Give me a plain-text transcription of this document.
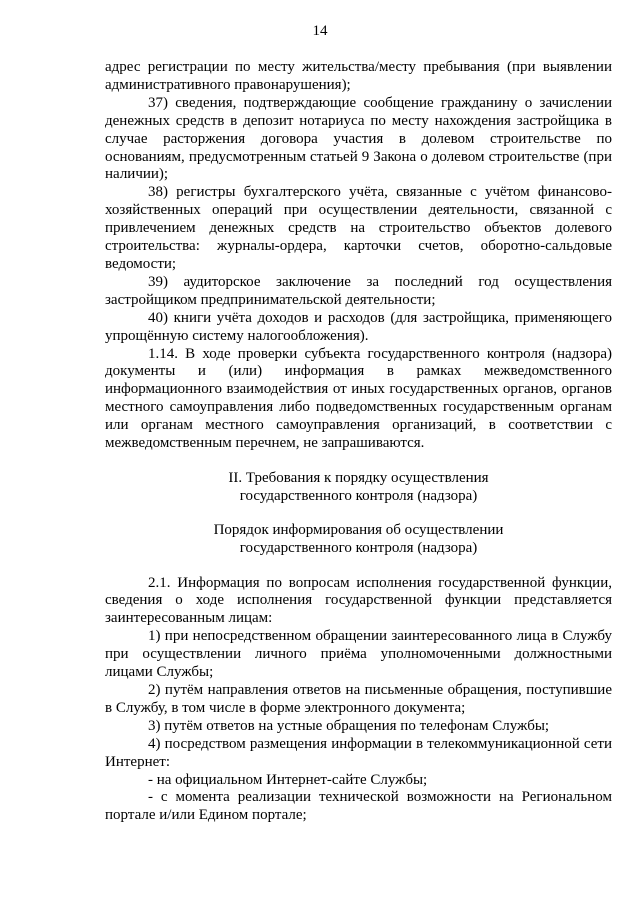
14

адрес регистрации по месту жительства/месту пребывания (при выявлении административного правонарушения);

37) сведения, подтверждающие сообщение гражданину о зачислении денежных средств в депозит нотариуса по месту нахождения застройщика в случае расторжения договора участия в долевом строительстве по основаниям, предусмотренным статьей 9 Закона о долевом строительстве (при наличии);

38) регистры бухгалтерского учёта, связанные с учётом финансово-хозяйственных операций при осуществлении деятельности, связанной с привлечением денежных средств на строительство объектов долевого строительства: журналы-ордера, карточки счетов, оборотно-сальдовые ведомости;

39) аудиторское заключение за последний год осуществления застройщиком предпринимательской деятельности;

40) книги учёта доходов и расходов (для застройщика, применяющего упрощённую систему налогообложения).

1.14. В ходе проверки субъекта государственного контроля (надзора) документы и (или) информация в рамках межведомственного информационного взаимодействия от иных государственных органов, органов местного самоуправления либо подведомственных государственным органам или органам местного самоуправления организаций, в соответствии с межведомственным перечнем, не запрашиваются.

II. Требования к порядку осуществления

государственного контроля (надзора)

Порядок информирования об осуществлении

государственного контроля (надзора)

2.1. Информация по вопросам исполнения государственной функции, сведения о ходе исполнения государственной функции представляется заинтересованным лицам:

1) при непосредственном обращении заинтересованного лица в Службу при осуществлении личного приёма уполномоченными должностными лицами Службы;

2) путём направления ответов на письменные обращения, поступившие в Службу, в том числе в форме электронного документа;

3) путём ответов на устные обращения по телефонам Службы;

4) посредством размещения информации в телекоммуникационной сети Интернет:

- на официальном Интернет-сайте Службы;

- с момента реализации технической возможности на Региональном портале и/или Едином портале;
